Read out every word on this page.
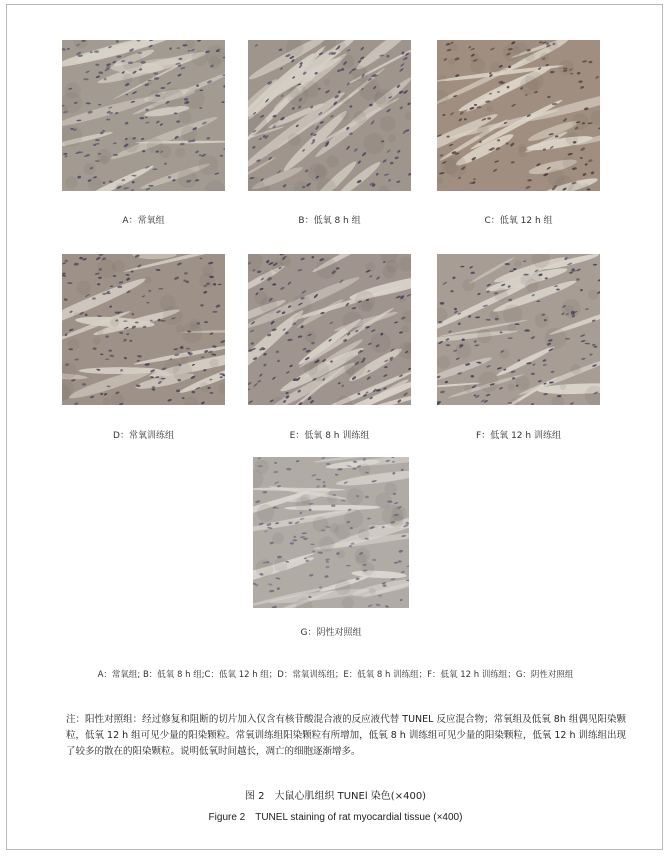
A：常氧组	B：低氧 8 h 组	C：低氧 12 h 组
D：常氧训练组	E：低氧 8 h 训练组	F：低氧 12 h 训练组
G：阴性对照组
A：常氧组; B：低氧 8 h 组;C：低氧 12 h 组；D：常氧训练组；E：低氧 8 h 训练组；F：低氧 12 h 训练组；G：阴性对照组
注：阳性对照组：经过修复和阻断的切片加入仅含有核苷酸混合液的反应液代替 TUNEL 反应混合物；常氧组及低氧 8h 组偶见阳染颗粒，低氧 12 h 组可见少量的阳染颗粒。常氧训练组阳染颗粒有所增加，低氧 8 h 训练组可见少量的阳染颗粒，低氧 12 h 训练组出现了较多的散在的阳染颗粒。说明低氧时间越长，凋亡的细胞逐渐增多。
图 2　大鼠心肌组织 TUNEl 染色(×400)
Figure 2　TUNEL staining of rat myocardial tissue (×400)
